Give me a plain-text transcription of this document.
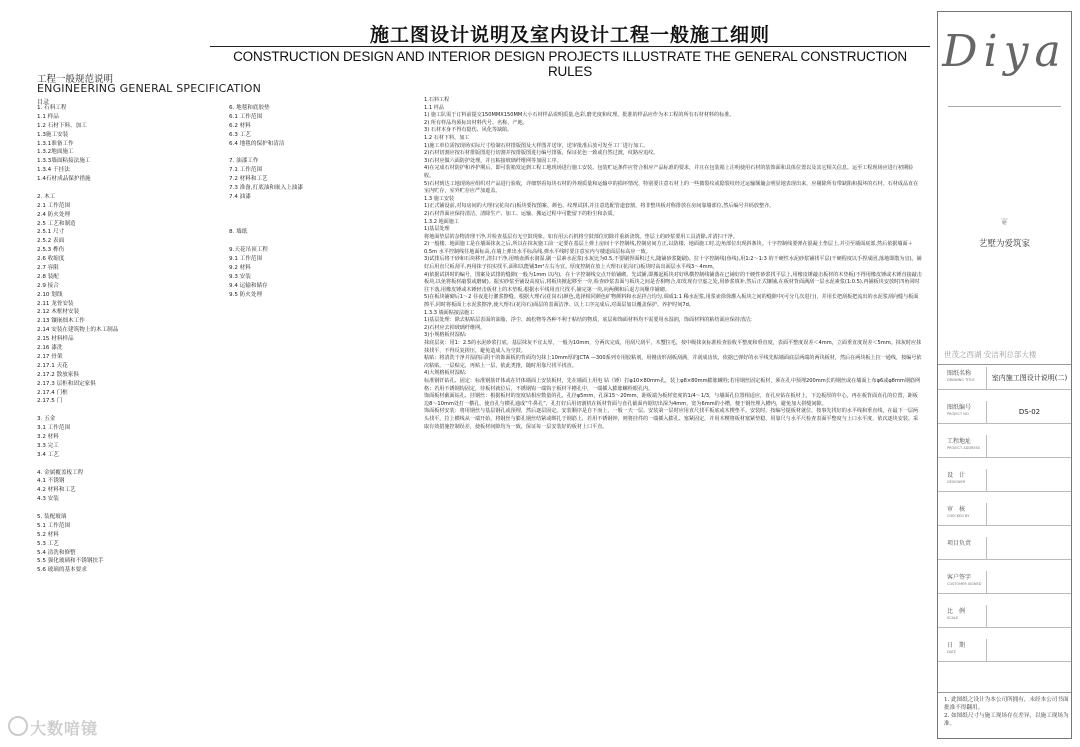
施工图设计说明及室内设计工程一般施工细则
CONSTRUCTION DESIGN AND INTERIOR DESIGN PROJECTS ILLUSTRATE THE GENERAL CONSTRUCTION RULES
工程一般规范说明
ENGINEERING GENERAL SPECIFICATION
目录
1. 石料工程
1.1 样品
1.2 石材下料、加工
1.3施工安装
1.3.1准备工作
1.3.2地面施工
1.3.3墙面粘接法施工
1.3.4 干挂法
1.4石材成品保护措施
2. 木工
2.1 工作范围
2.4 防火处理
2.5 工艺和制造
2.5.1 尺寸
2.5.2 表面
2.5.3 榫伤
2.6 收缩度
2.7 容限
2.8 装配
2.9 接合
2.10 划线
2.11 龙骨安装
2.12 木框材安装
2.13 镶嵌细木工作
2.14 安装在建筑物上的木工制品
2.15 材料样品
2.16 漆洗
2.17 骨架
2.17.1 天花
2.17.2 散放家俱
2.17.3 层柜和固定家俱
2.17.4 门框
2.17.5 门
3. 五金
3.1 工作范围
3.2 材料
3.3 完工
3.4 工艺
4. 金属覆盖板工程
4.1 不锈钢
4.2 材料和工艺
4.3 安装
5. 装配玻璃
5.1 工作范围
5.2 材料
5.3 工艺
5.4 清洗和修整
5.5 强化玻璃和不锈钢扶手
5.6 玻璃的基本要求
6. 地毯和底胶垫
6.1 工作范围
6.2 材料
6.3 工艺
6.4 地毯的保护和清洁
7. 油漆工作
7.1 工作范围
7.2 材料和工艺
7.3 准备,打底油和嵌入上油漆
7.4 油漆
8. 墙纸
9.天花吊顶工程
9.1 工作范围
9.2 材料
9.3 安装
9.4 运输和储存
9.5 防火处理
1.石料工程
1.1 样品
1) 施工队需于订料前提交150MMX150MM大小石材样品说明质量,色彩,磨光度和纹理。批准的样品应作为本工程的所有石材材料的标准。
2) 所有样品均须标出材料代号、名称、产地。
3) 石材本身不得有隐伤、风化等缺陷。
1.2 石材下料、加工
1)施工单位需按现场实际尺寸绘制石材排版图及大样图并送审，送审批准后放可发至工厂进行加工。
2)石材切割应按石材排版图进行切割并按排版图进行编号排版，保证花色一致或自然过渡，纹路应追纹。
3)石材应做六面防护处理，并且粘接玻璃纤维网等加固工序。
4)在完成石材防护和养护期后，即可装箱发运到工程工地现场进行施工安装。包装贮运条件应符合相应产品标准的要求，并且在包装箱上注明使用石材的装饰面和具体位置以及其它相关信息。运至工程现场应进行初期验收。
5)石材到达工地现场应组织对产品进行验收，详细察看每块石材的外观质量和运输中的损坏情况，特别要注意石材上的一些微裂纹或隐裂纹经过运输颠簸会明显地表现出来，应剔除所有带缺陷和损坏的石材。石材成品直在室内贮存，室外贮存应严加遮盖。
1.3 施工安装
1)正式铺设前,对每房间的大理石(花岗石)板块要按图案、颜色、纹理试拼,并注意选配管道套割，将非整块板对称排放在房间靠墙部位,然后编号并码放整齐。
2)石材背面应保持清洁，清除生产、加工、运输、搬运过程中可能留下的粉尘和杂质。
1.3.2 地面施工
1)基层处理
将地面垫层的杂物清理干净,并检查基层有无空鼓现象。如有用云石机将空鼓部位切除并重新浇筑。垫层上的砂浆要用工具清除,并清扫干净。
2)一般楼、地面施工是在墙面抹灰之后,所以在抹灰施工前一定要在基层上弹上房间十字控制线,控制房间方正,以防楼、地面施工时,边角部位出现斜条块。十字控制线要弹在混凝土垫层上,并引至墙面底部,然后依据墙面＋0.5m 水平控制线往地面标高,在墙上弹出水平标高线,弹水平线时要注意室内与楼道面层标高应一致。
3)试排后将干砂和石块移开,清扫干净,用喷壶洒水润湿,刷一层素水泥浆(水灰比为0.5,不要刷得面积过大,随铺砂浆随刷)。拉十字控制线(鱼线),用1:2～1:3 的干硬性水泥砂浆铺找平层(干硬程度以手捏成团,落地即散为宜)。铺好后用直尺板刮平,再用抹子拍实找平,面积以能铺3m²左右为宜。厚度控制在放上大理石(花岗石)板块时高出面层水平线3～4mm。
4)依据试拼时的编号，图案及试排的缝隙(一般为1mm 以内)，在十字控制线交点开始铺砌。先试铺,即搬起板块对好纵横控制线铺落在已铺好的干硬性砂浆找平层上,用橡皮锤敲击板材的木垫板(不得用橡皮锤或木锤直接敲击板块,以免将板材敲裂或磨破)。振实砂浆至铺设高度后,将板块掀起移至一旁,检查砂浆表面与板块之间是否相吻合,如发现有空虚之处,用砂浆填补,然后正式镶铺,在板材背面满刮一层水泥素浆(1:0.5),再铺板块安放时四角同时往下落,用橡皮锤或木锤轻击板材上的木垫板,根据水平线用直尺找平,铺完第一块,向两侧和后退方向顺序铺砌。
5)在板块铺砌后1～2 昼夜进行灌浆擦缝。根据大理石(花岗石)颜色,选择相同颜色矿物颜料和水泥拌合均匀,调成1:1 稀水泥浆,用浆壶徐徐灌入板块之间的缝隙中(可分几次进行)，并用长把刮板把流出的水泥浆刮向缝与板面擦平,同时将板面上水泥浆擦净,使大理石(花岗石)面层的表面洁净、以上工序完成后,对面层加以覆盖保护。养护时间7d。
1.3.3 墙面粘接法施工
1)基层处理：除去粘贴层表面的油脂、浮尘、疏松物等各种不利于粘结的物质，底层和饰面材料均不需要用水湿润，饰面材料的粘结面应保持清洁;
2)石材应去掉玻璃纤维网。
3)小规格板材湿贴:
抹底层灰：用1：2.5的水泥砂浆打底。基层抹灰不宜太厚，一般为10mm，分两次完成，用刮尺刮平，木蟹拉毛，按中级抹灰标准检查验收平整度和垂直度，表面平整度误差＜4mm，立面垂直度误差＜5mm。抹灰时应抹抹找平，不得反复搓压，避免造成人为空鼓。
粘贴：将清洗干净并湿润后阴干的饰面板的背面均匀抹上10mm厚的JCTA —300系列专用胶粘剂，用镘齿形刮板刮满，并刮成齿状，依据已弹好的水平线先粘墙面底层两端的两块板材，然后在两块板上拉一通线，按编号依次粘贴。一层贴完，再贴上一层，依此类推，随时用靠尺找平找直。
4)大规格板材湿贴:
标准钢钎钻孔、固定：标准钢筋钎体或在钎体墙面上安装板材，先在墙面上用电 钻（锤）打φ10×80mm孔，装上φ8×80mm膨胀螺栓;若用钢丝固定板材，须在孔中预埋200mm长的钢丝或在墙面上布φ6或φ8mm钢筋网格；若用不锈钢钩固定，待板材就位后，不锈钢钩一端钩于板材平槽孔中，一端插入膨胀螺栓眼孔内。
饰面板材截面钻孔、挂钢丝：根据板材的宽度钻相应数量的孔，孔径φ5mm，孔深15～20mm，距板端为板材宽度的1/4～1/3，与墙面孔位置相适应，直孔应钻在板材上，下边板厚的中心，再在板背面直孔的位置，距板边8～10mm处打一横孔，使直孔与横孔通成“牛鼻孔”，孔打好后用切割机在板材背面与直孔截面内锯切出深为4mm，宽为6mm的小槽，便于钢丝埋入槽内，避免加大拼缝间隙。
饰面板材安装：将用钢丝与基层钢孔或预埋，然后逐层固定。安装顺序是自下而上，一般一天一层。安装第一层时应用直尺找平板底或木楔垫平。安装时，按编号提板材就位，按事先找好的水平线和垂直线，在最下一层两头找平，拉上横线从一端开始，将钢丝与膨孔钢丝结紧或绑扎于钢筋上，若用不锈钢钟，则将挂件的一端插入膨孔、塞紧固定，并用木楔将板材塞紧垫稳，用靠尺与水平尺检查表面平整度与上口水平度，依次逐块安装。采取有效措施控制误差，使板材间隙均为一致，保证每一层安装好的板材上口平直。
Diya
❦
艺墅为爱筑家
世茂之西湖 安洁利总部大楼
图纸名称
DRAWING TITLE	室内施工图设计说明(二)
图纸编号
PROJECT NO.	DS-02
工程地址
PROJECT ADDRESS
设　计
DESIGNER
审　核
CHECKED BY
项目负责
客户签字
CUSTOMER SIGNED
比　例
SCALE
日　期
DATE
1. 此图纸之设计为本公司所拥有，未经本公司书面批准不得翻用。
2. 如图纸尺寸与施工现场存在差异，以施工现场为准。
大数喑镜
